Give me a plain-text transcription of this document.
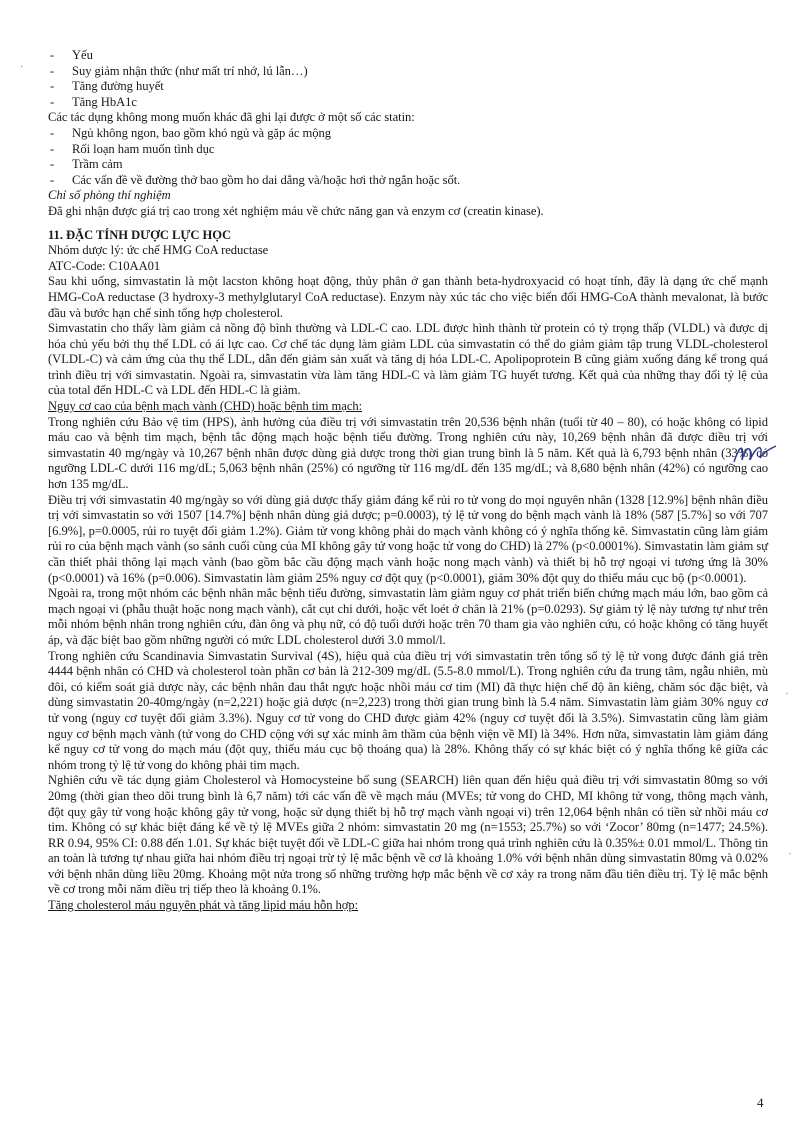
- Yếu
- Suy giảm nhận thức (như mất trí nhớ, lú lẫn…)
- Tăng đường huyết
- Tăng HbA1c

Các tác dụng không mong muốn khác đã ghi lại được ở một số các statin:

- Ngủ không ngon, bao gồm khó ngủ và gặp ác mộng
- Rối loạn ham muốn tình dục
- Trầm cảm
- Các vấn đề về đường thở bao gồm ho dai dẳng và/hoặc hơi thở ngắn hoặc sốt.

Chỉ số phòng thí nghiệm

Đã ghi nhận được giá trị cao trong xét nghiệm máu về chức năng gan và enzym cơ (creatin kinase).

11. ĐẶC TÍNH DƯỢC LỰC HỌC

Nhóm dược lý: ức chế HMG CoA reductase

ATC-Code: C10AA01

Sau khi uống, simvastatin là một lacston không hoạt động, thủy phân ở gan thành beta-hydroxyacid có hoạt tính, đây là dạng ức chế mạnh HMG-CoA reductase (3 hydroxy-3 methylglutaryl CoA reductase). Enzym này xúc tác cho việc biến đổi HMG-CoA thành mevalonat, là bước đầu và bước hạn chế sinh tổng hợp cholesterol.

Simvastatin cho thấy làm giảm cả nồng độ bình thường và LDL-C cao. LDL được hình thành từ protein có tỷ trọng thấp (VLDL) và được dị hóa chủ yếu bởi thụ thể LDL có ái lực cao. Cơ chế tác dụng làm giảm LDL của simvastatin có thể do giảm giảm tập trung VLDL-cholesterol (VLDL-C) và cảm ứng của thụ thể LDL, dẫn đến giảm sản xuất và tăng dị hóa LDL-C. Apolipoprotein B cũng giảm xuống đáng kể trong quá trình điều trị với simvastatin. Ngoài ra, simvastatin vừa làm tăng HDL-C và làm giảm TG huyết tương. Kết quả của những thay đổi tỷ lệ của của total đến HDL-C và LDL đến HDL-C là giảm.

Nguy cơ cao của bệnh mạch vành (CHD) hoặc bệnh tim mạch:

Trong nghiên cứu Bảo vệ tim (HPS), ảnh hưởng của điều trị với simvastatin trên 20,536 bệnh nhân (tuổi từ 40 – 80), có hoặc không có lipid máu cao và bệnh tim mạch, bệnh tắc động mạch hoặc bệnh tiểu đường. Trong nghiên cứu này, 10,269 bệnh nhân đã được điều trị với simvastatin 40 mg/ngày và 10,267 bệnh nhân được dùng giả dược trong thời gian trung bình là 5 năm. Kết quả là 6,793 bệnh nhân (33%) có ngưỡng LDL-C dưới 116 mg/dL; 5,063 bệnh nhân (25%) có ngưỡng từ 116 mg/dL đến 135 mg/dL; và 8,680 bệnh nhân (42%) có ngưỡng cao hơn 135 mg/dL.

Điều trị với simvastatin 40 mg/ngày so với dùng giả dược thấy giảm đáng kể rủi ro tử vong do mọi nguyên nhân (1328 [12.9%] bệnh nhân điều trị với simvastatin so với 1507 [14.7%] bệnh nhân dùng giả dược; p=0.0003), tỷ lệ tử vong do bệnh mạch vành là 18% (587 [5.7%] so với 707 [6.9%], p=0.0005, rủi ro tuyệt đối giảm 1.2%). Giảm tử vong không phải do mạch vành không có ý nghĩa thống kê. Simvastatin cũng làm giảm rủi ro của bệnh mạch vành (so sánh cuối cùng của MI không gây tử vong hoặc tử vong do CHD) là 27% (p<0.0001%). Simvastatin làm giảm sự cần thiết phải thông lại mạch vành (bao gồm bắc cầu động mạch vành hoặc nong mạch vành) và thiết bị hỗ trợ ngoại vi tương ứng là 30% (p<0.0001) và 16% (p=0.006). Simvastatin làm giảm 25% nguy cơ đột quỵ (p<0.0001), giảm 30% đột quỵ do thiếu máu cục bộ (p<0.0001).

Ngoài ra, trong một nhóm các bệnh nhân mắc bệnh tiểu đường, simvastatin làm giảm nguy cơ phát triển biến chứng mạch máu lớn, bao gồm cả mạch ngoại vi (phẫu thuật hoặc nong mạch vành), cắt cụt chi dưới, hoặc vết loét ở chân là 21% (p=0.0293). Sự giảm tỷ lệ này tương tự như trên mỗi nhóm bệnh nhân trong nghiên cứu, đàn ông và phụ nữ, có độ tuổi dưới hoặc trên 70 tham gia vào nghiên cứu, có hoặc không có tăng huyết áp, và đặc biệt bao gồm những người có mức LDL cholesterol dưới 3.0 mmol/l.

Trong nghiên cứu Scandinavia Simvastatin Survival (4S), hiệu quả của điều trị với simvastatin trên tổng số tỷ lệ tử vong được đánh giá trên 4444 bệnh nhân có CHD và cholesterol toàn phần cơ bản là 212-309 mg/dL (5.5-8.0 mmol/L). Trong nghiên cứu đa trung tâm, ngẫu nhiên, mù đôi, có kiểm soát giả dược này, các bệnh nhân đau thắt ngực hoặc nhồi máu cơ tim (MI) đã thực hiện chế độ ăn kiêng, chăm sóc đặc biệt, và dùng simvastatin 20-40mg/ngày (n=2,221) hoặc giả dược (n=2,223) trong thời gian trung bình là 5.4 năm. Simvastatin làm giảm 30% nguy cơ tử vong (nguy cơ tuyệt đối giảm 3.3%). Nguy cơ tử vong do CHD được giảm 42% (nguy cơ tuyệt đối là 3.5%). Simvastatin cũng làm giảm nguy cơ bệnh mạch vành (tử vong do CHD cộng với sự xác minh âm thầm của bệnh viện về MI) là 34%. Hơn nữa, simvastatin làm giảm đáng kể nguy cơ tử vong do mạch máu (đột quỵ, thiếu máu cục bộ thoáng qua) là 28%. Không thấy có sự khác biệt có ý nghĩa thống kê giữa các nhóm trong tỷ lệ tử vong do không phải tim mạch.

Nghiên cứu về tác dụng giảm Cholesterol và Homocysteine bổ sung (SEARCH) liên quan đến hiệu quả điều trị với simvastatin 80mg so với 20mg (thời gian theo dõi trung bình là 6,7 năm) tới các vấn đề về mạch máu (MVEs; tử vong do CHD, MI không tử vong, thông mạch vành, đột quỵ gây tử vong hoặc không gây tử vong, hoặc sử dụng thiết bị hỗ trợ mạch vành ngoại vi) trên 12,064 bệnh nhân có tiền sử nhồi máu cơ tim. Không có sự khác biệt đáng kể về tỷ lệ MVEs giữa 2 nhóm: simvastatin 20 mg (n=1553; 25.7%) so với ‘Zocor’ 80mg (n=1477; 24.5%). RR 0.94, 95% CI: 0.88 đến 1.01. Sự khác biệt tuyệt đối về LDL-C giữa hai nhóm trong quá trình nghiên cứu là 0.35%± 0.01 mmol/L. Thông tin an toàn là tương tự nhau giữa hai nhóm điều trị ngoại trừ tỷ lệ mắc bệnh về cơ là khoảng 1.0% với bệnh nhân dùng simvastatin 80mg và 0.02% với bệnh nhân dùng liều 20mg. Khoảng một nửa trong số những trường hợp mắc bệnh về cơ xảy ra trong năm đầu tiên điều trị. Tỷ lệ mắc bệnh về cơ trong mỗi năm điều trị tiếp theo là khoảng 0.1%.

Tăng cholesterol máu nguyên phát và tăng lipid máu hỗn hợp:

·
ˈ
ˈ
4
